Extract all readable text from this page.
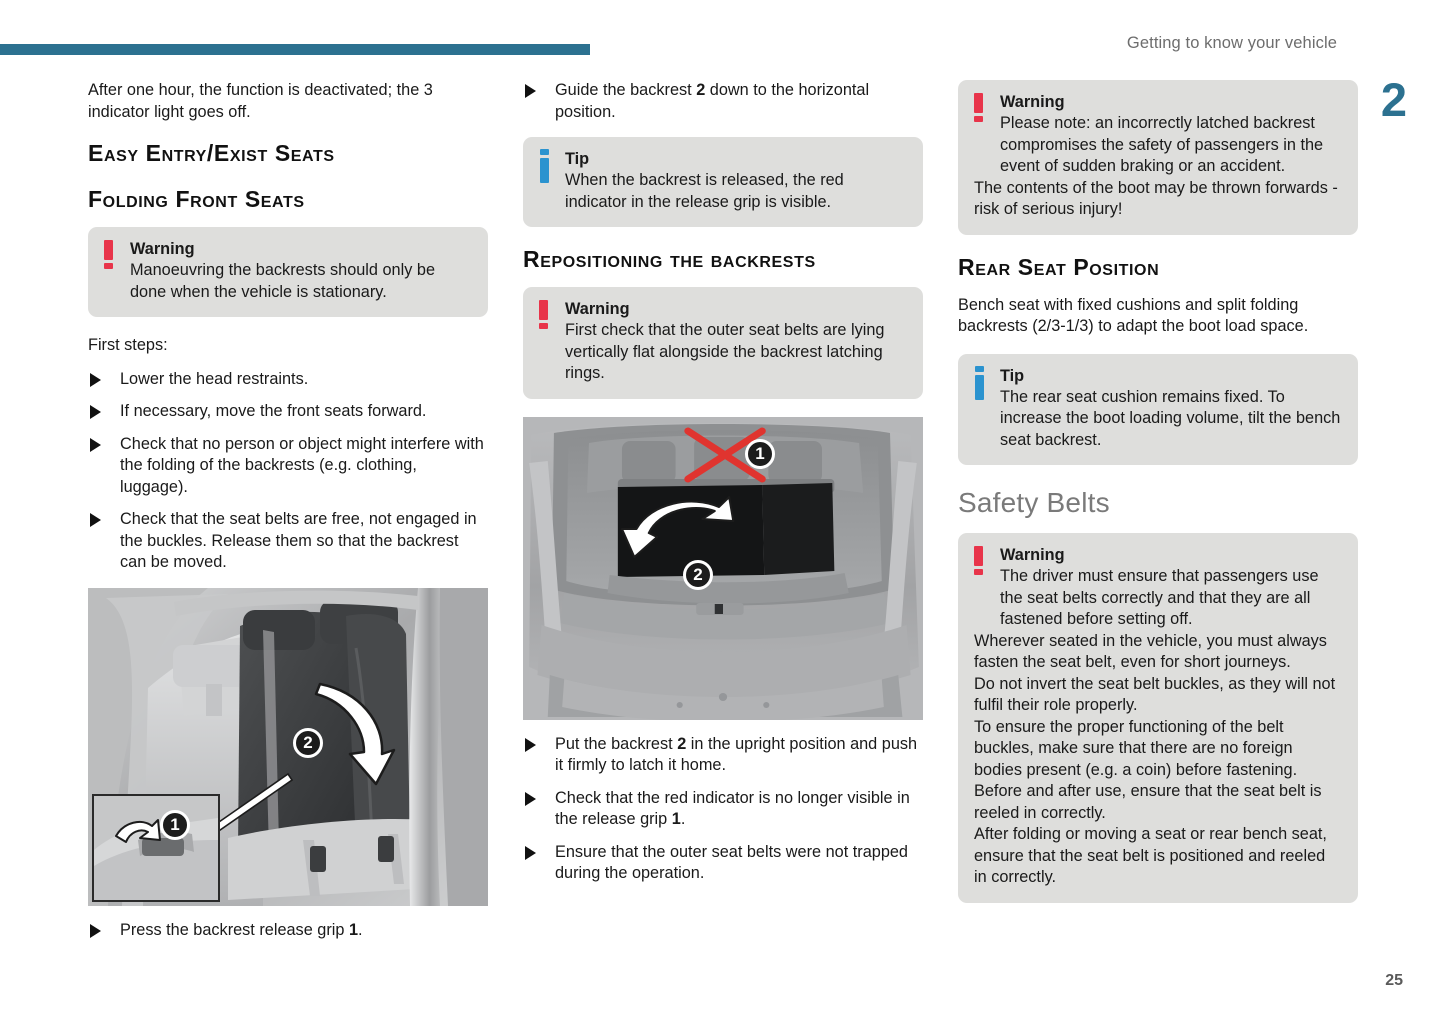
Getting to know your vehicle
2
25

After one hour, the function is deactivated; the 3 indicator light goes off.

Easy Entry/Exist Seats
Folding Front Seats
Warning
Manoeuvring the backrests should only be done when the vehicle is stationary.

First steps:

Lower the head restraints.
If necessary, move the front seats forward.
Check that no person or object might interfere with the folding of the backrests (e.g. clothing, luggage).
Check that the seat belts are free, not engaged in the buckles. Release them so that the backrest can be moved.
1
2
Press the backrest release grip 1.
Guide the backrest 2 down to the horizontal position.
Tip
When the backrest is released, the red indicator in the release grip is visible.
Repositioning the backrests
Warning
First check that the outer seat belts are lying vertically flat alongside the backrest latching rings.
1
2
Put the backrest 2 in the upright position and push it firmly to latch it home.
Check that the red indicator is no longer visible in the release grip 1.
Ensure that the outer seat belts were not trapped during the operation.
Warning
Please note: an incorrectly latched backrest compromises the safety of passengers in the event of sudden braking or an accident.
The contents of the boot may be thrown forwards - risk of serious injury!
Rear Seat Position

Bench seat with fixed cushions and split folding backrests (2/3-1/3) to adapt the boot load space.

Tip
The rear seat cushion remains fixed. To increase the boot loading volume, tilt the bench seat backrest.
Safety Belts
Warning
The driver must ensure that passengers use the seat belts correctly and that they are all fastened before setting off.
Wherever seated in the vehicle, you must always fasten the seat belt, even for short journeys.
Do not invert the seat belt buckles, as they will not fulfil their role properly.
To ensure the proper functioning of the belt buckles, make sure that there are no foreign bodies present (e.g. a coin) before fastening.
Before and after use, ensure that the seat belt is reeled in correctly.
After folding or moving a seat or rear bench seat, ensure that the seat belt is positioned and reeled in correctly.
